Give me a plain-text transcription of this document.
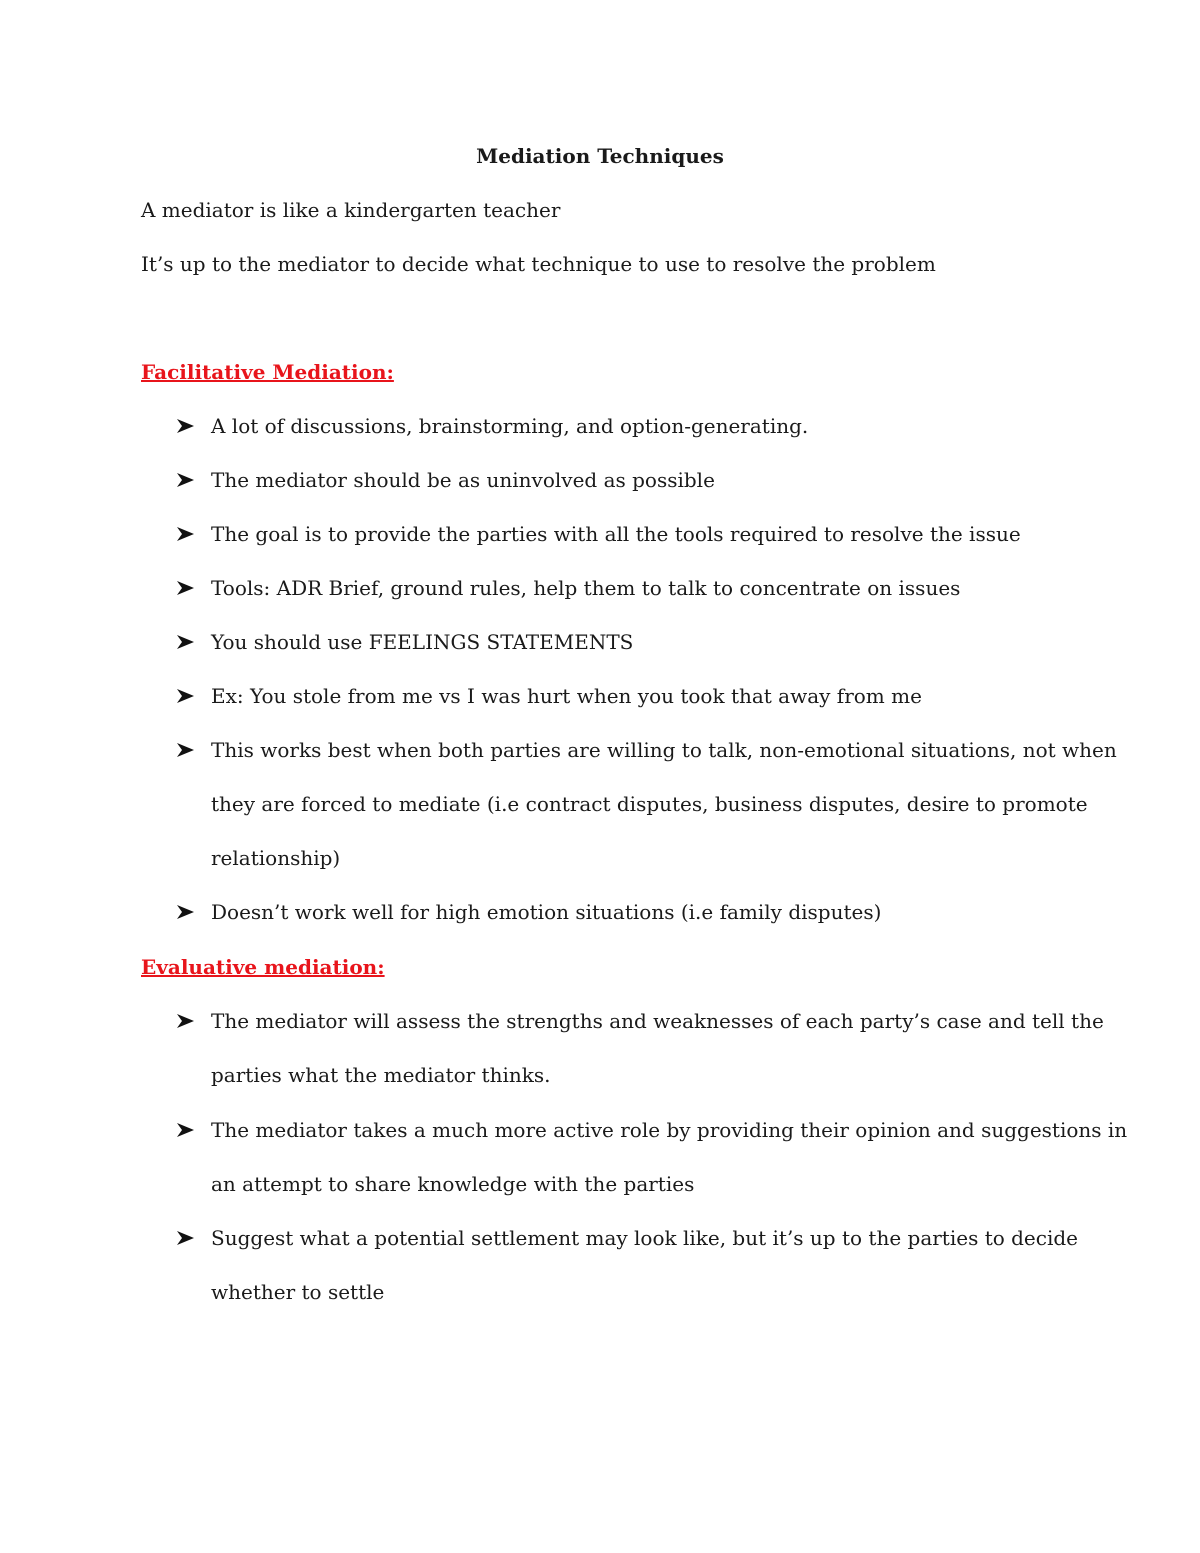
Mediation Techniques
A mediator is like a kindergarten teacher
It’s up to the mediator to decide what technique to use to resolve the problem
Facilitative Mediation:
A lot of discussions, brainstorming, and option-generating.
The mediator should be as uninvolved as possible
The goal is to provide the parties with all the tools required to resolve the issue
Tools: ADR Brief, ground rules, help them to talk to concentrate on issues
You should use FEELINGS STATEMENTS
Ex: You stole from me vs I was hurt when you took that away from me
This works best when both parties are willing to talk, non-emotional situations, not when
they are forced to mediate (i.e contract disputes, business disputes, desire to promote
relationship)
Doesn’t work well for high emotion situations (i.e family disputes)
Evaluative mediation:
The mediator will assess the strengths and weaknesses of each party’s case and tell the
parties what the mediator thinks.
The mediator takes a much more active role by providing their opinion and suggestions in
an attempt to share knowledge with the parties
Suggest what a potential settlement may look like, but it’s up to the parties to decide
whether to settle
